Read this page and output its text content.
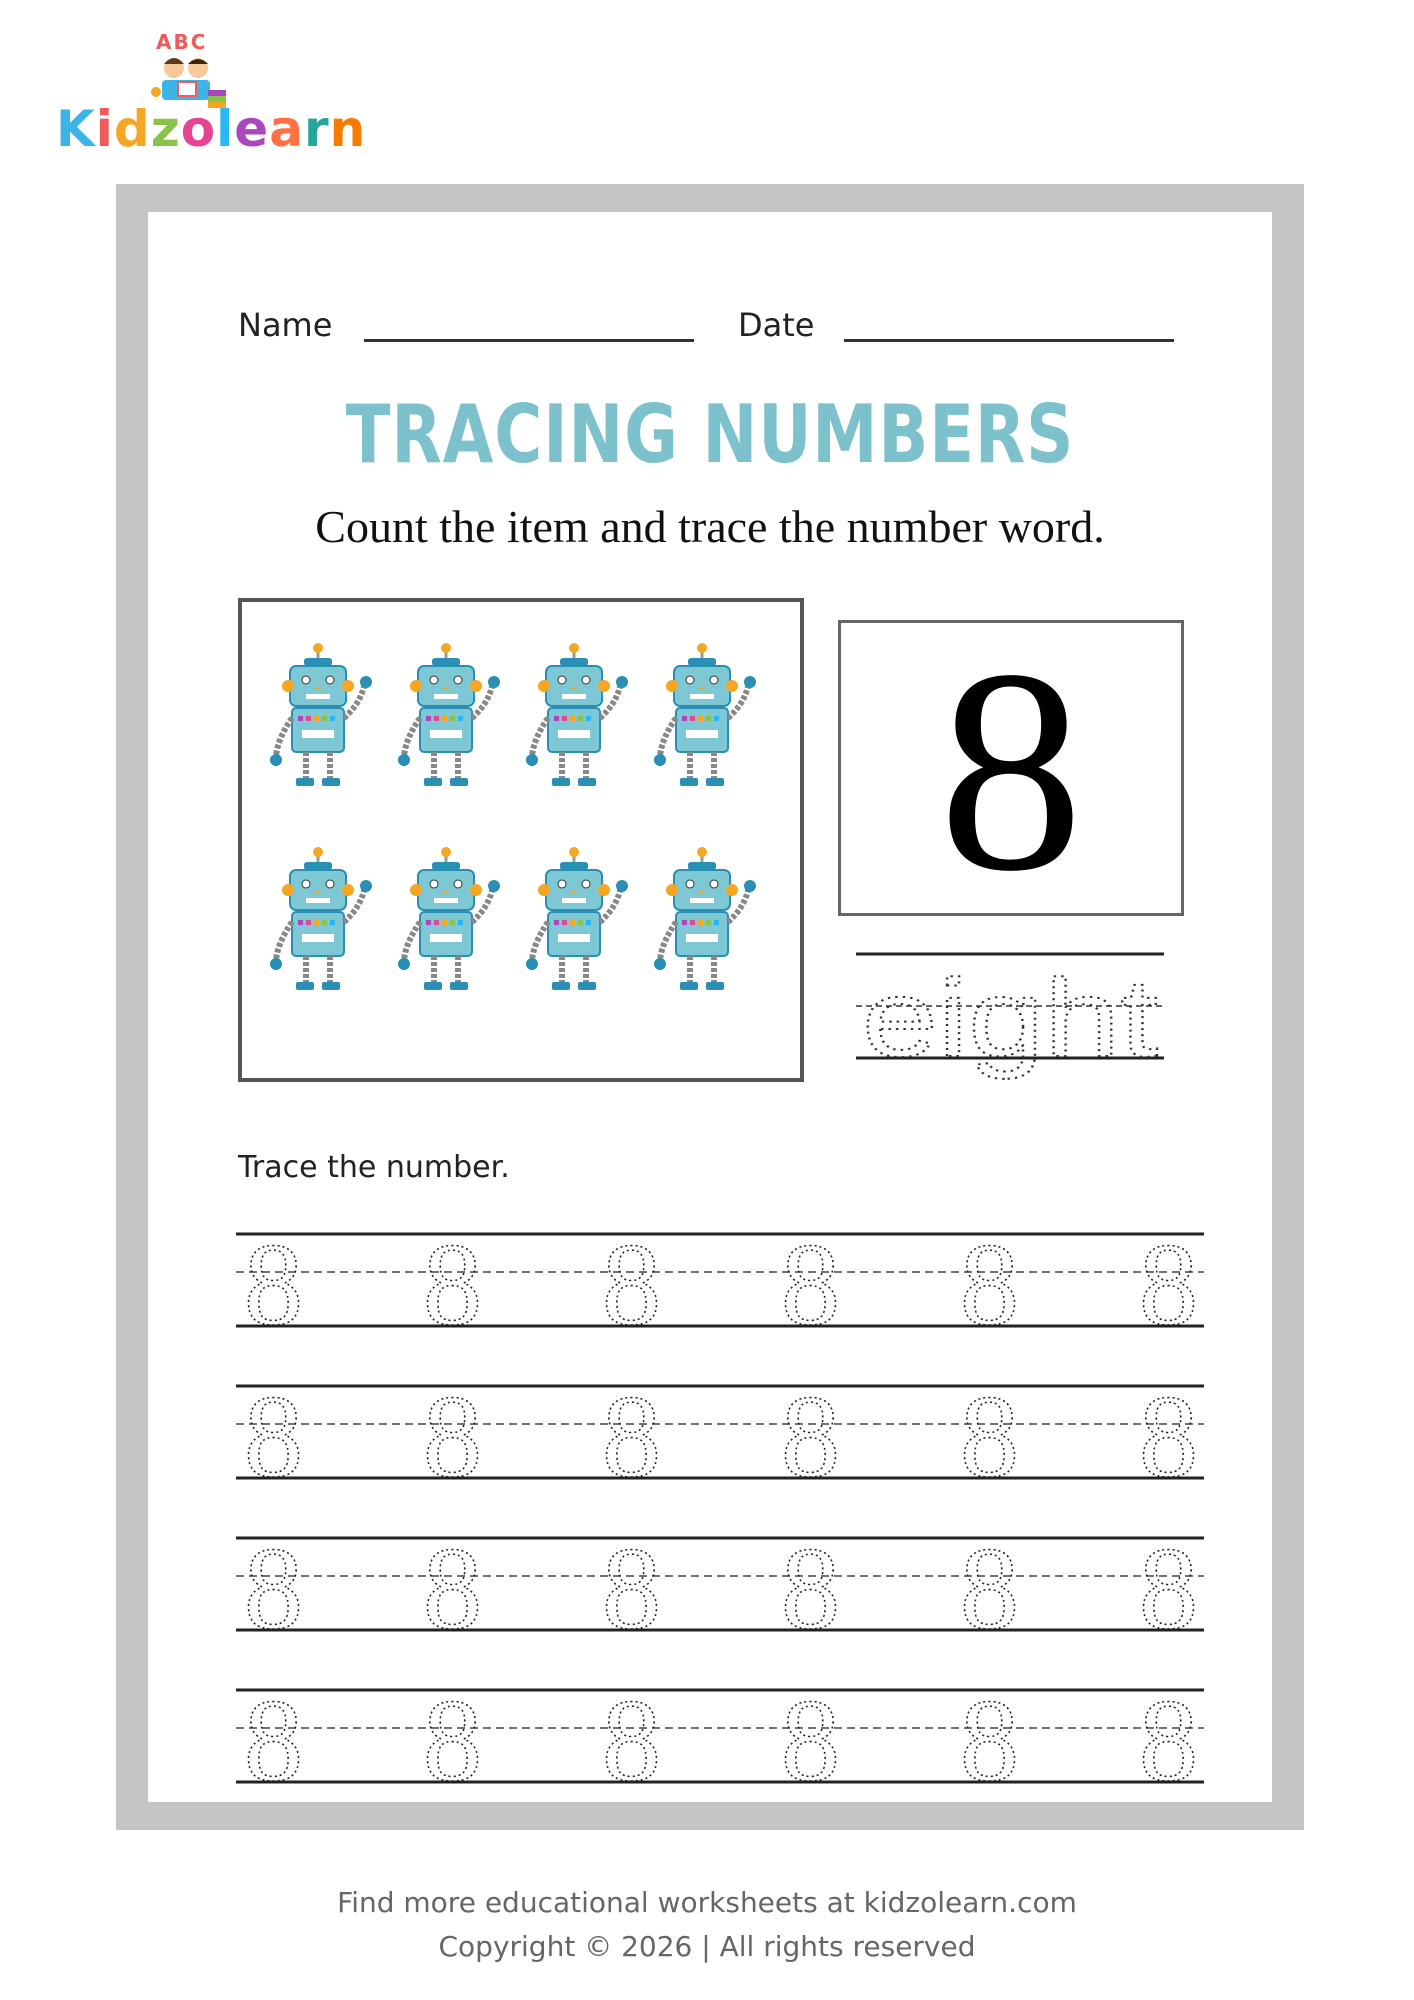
ABC
Kidzolearn
Name	Date
TRACING NUMBERS
Count the item and trace the number word.
8
eight
Trace the number.
8 8 8 8 8 8
8 8 8 8 8 8
8 8 8 8 8 8
8 8 8 8 8 8
Find more educational worksheets at kidzolearn.com
Copyright © 2026 | All rights reserved
